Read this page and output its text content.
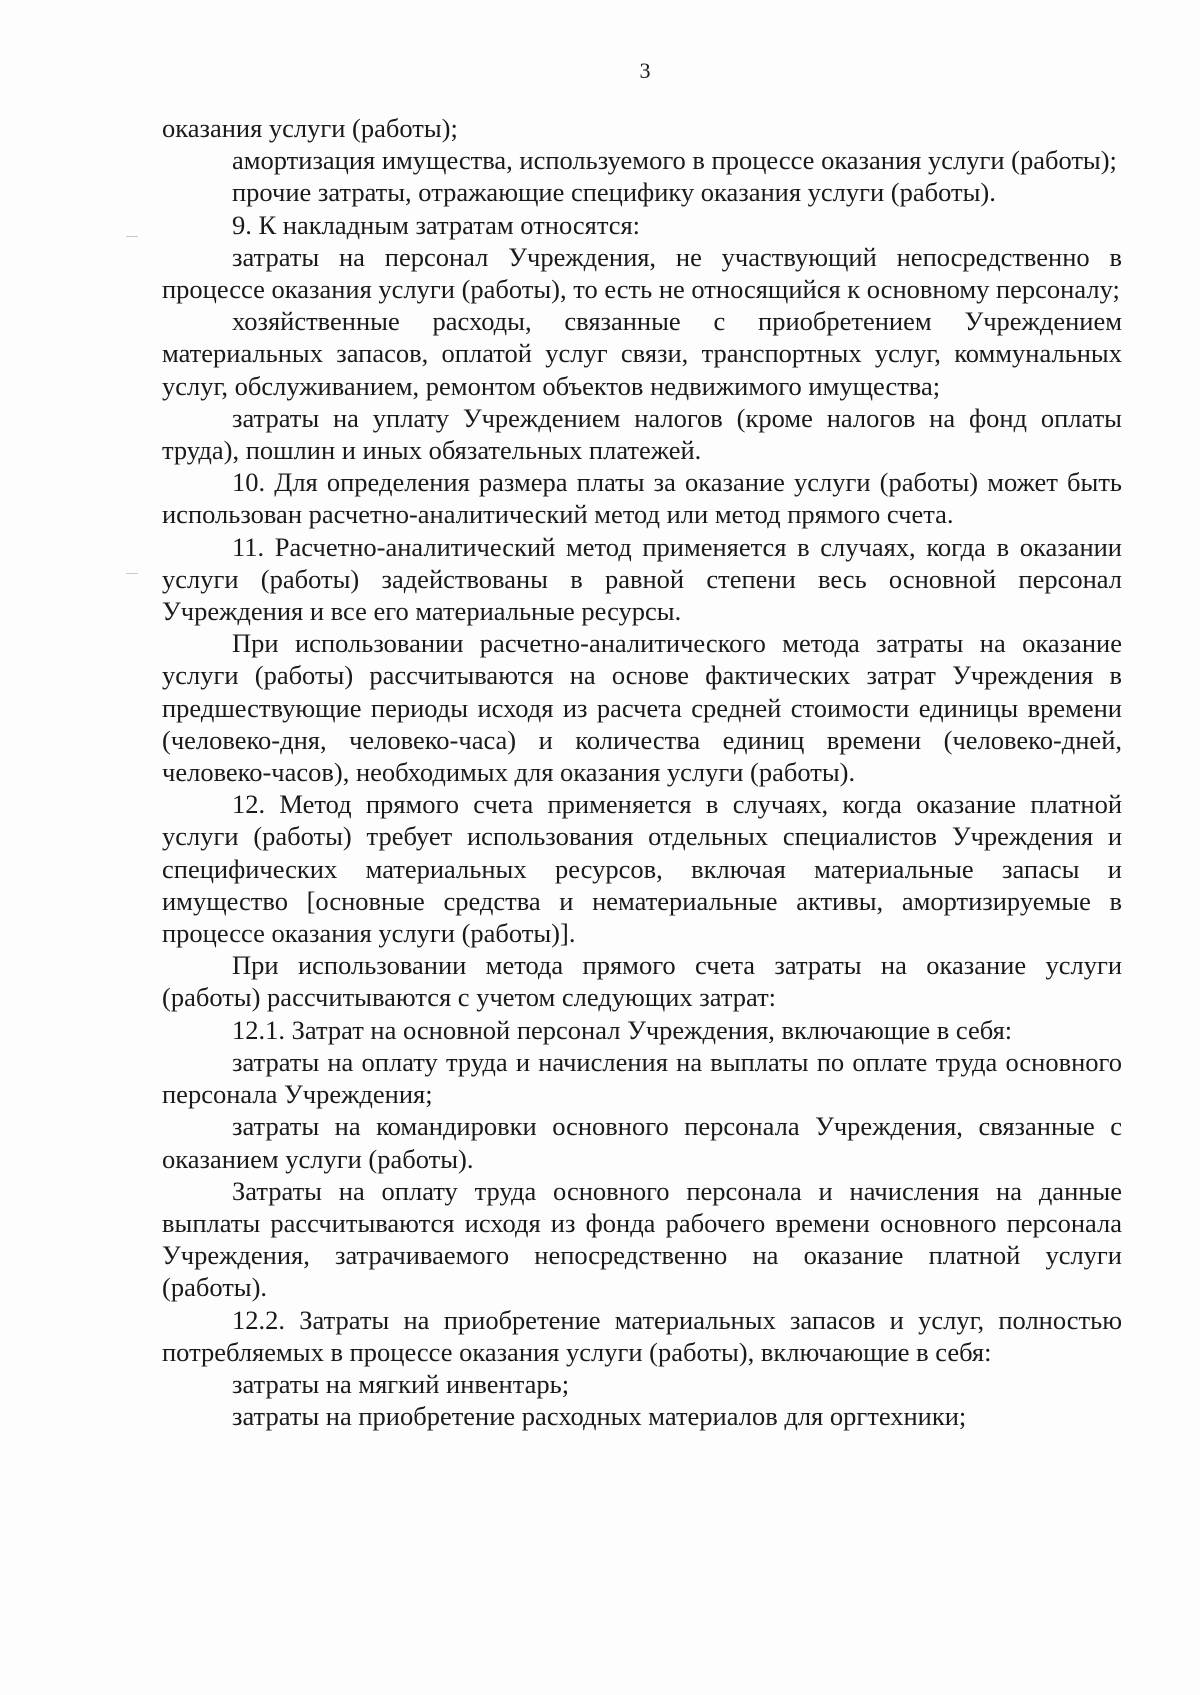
3

оказания услуги (работы);

амортизация имущества, используемого в процессе оказания услуги (работы);

прочие затраты, отражающие специфику оказания услуги (работы).

9. К накладным затратам относятся:

затраты на персонал Учреждения, не участвующий непосредственно в процессе оказания услуги (работы), то есть не относящийся к основному персоналу;

хозяйственные расходы, связанные с приобретением Учреждением материальных запасов, оплатой услуг связи, транспортных услуг, коммунальных услуг, обслуживанием, ремонтом объектов недвижимого имущества;

затраты на уплату Учреждением налогов (кроме налогов на фонд оплаты труда), пошлин и иных обязательных платежей.

10. Для определения размера платы за оказание услуги (работы) может быть использован расчетно-аналитический метод или метод прямого счета.

11. Расчетно-аналитический метод применяется в случаях, когда в оказании услуги (работы) задействованы в равной степени весь основной персонал Учреждения и все его материальные ресурсы.

При использовании расчетно-аналитического метода затраты на оказание услуги (работы) рассчитываются на основе фактических затрат Учреждения в предшествующие периоды исходя из расчета средней стоимости единицы времени (человеко-дня, человеко-часа) и количества единиц времени (человеко-дней, человеко-часов), необходимых для оказания услуги (работы).

12. Метод прямого счета применяется в случаях, когда оказание платной услуги (работы) требует использования отдельных специалистов Учреждения и специфических материальных ресурсов, включая материальные запасы и имущество [основные средства и нематериальные активы, амортизируемые в процессе оказания услуги (работы)].

При использовании метода прямого счета затраты на оказание услуги (работы) рассчитываются с учетом следующих затрат:

12.1. Затрат на основной персонал Учреждения, включающие в себя:

затраты на оплату труда и начисления на выплаты по оплате труда основного персонала Учреждения;

затраты на командировки основного персонала Учреждения, связанные с оказанием услуги (работы).

Затраты на оплату труда основного персонала и начисления на данные выплаты рассчитываются исходя из фонда рабочего времени основного персонала Учреждения, затрачиваемого непосредственно на оказание платной услуги (работы).

12.2. Затраты на приобретение материальных запасов и услуг, полностью потребляемых в процессе оказания услуги (работы), включающие в себя:

затраты на мягкий инвентарь;

затраты на приобретение расходных материалов для оргтехники;
